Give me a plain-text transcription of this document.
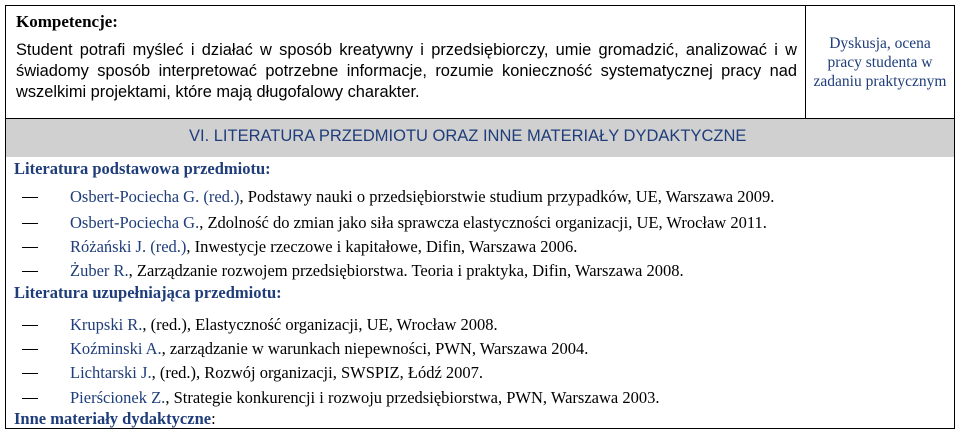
Kompetencje:
Student potrafi myśleć i działać w sposób kreatywny i przedsiębiorczy, umie gromadzić, analizować i w świadomy sposób interpretować potrzebne informacje, rozumie konieczność systematycznej pracy nad wszelkimi projektami, które mają długofalowy charakter.
Dyskusja, ocena pracy studenta w zadaniu praktycznym
VI. LITERATURA PRZEDMIOTU ORAZ INNE MATERIAŁY DYDAKTYCZNE
Literatura podstawowa przedmiotu:
Osbert-Pociecha G. (red.), Podstawy nauki o przedsiębiorstwie studium przypadków, UE, Warszawa 2009.
Osbert-Pociecha G., Zdolność do zmian jako siła sprawcza elastyczności organizacji, UE, Wrocław 2011.
Różański J. (red.), Inwestycje rzeczowe i kapitałowe, Difin, Warszawa 2006.
Żuber R., Zarządzanie rozwojem przedsiębiorstwa. Teoria i praktyka, Difin, Warszawa 2008.
Literatura uzupełniająca przedmiotu:
Krupski R., (red.), Elastyczność organizacji, UE, Wrocław 2008.
Koźminski A., zarządzanie w warunkach niepewności, PWN, Warszawa 2004.
Lichtarski J., (red.), Rozwój organizacji, SWSPIZ, Łódź 2007.
Pierścionek Z., Strategie konkurencji i rozwoju przedsiębiorstwa, PWN, Warszawa 2003.
Inne materiały dydaktyczne:
